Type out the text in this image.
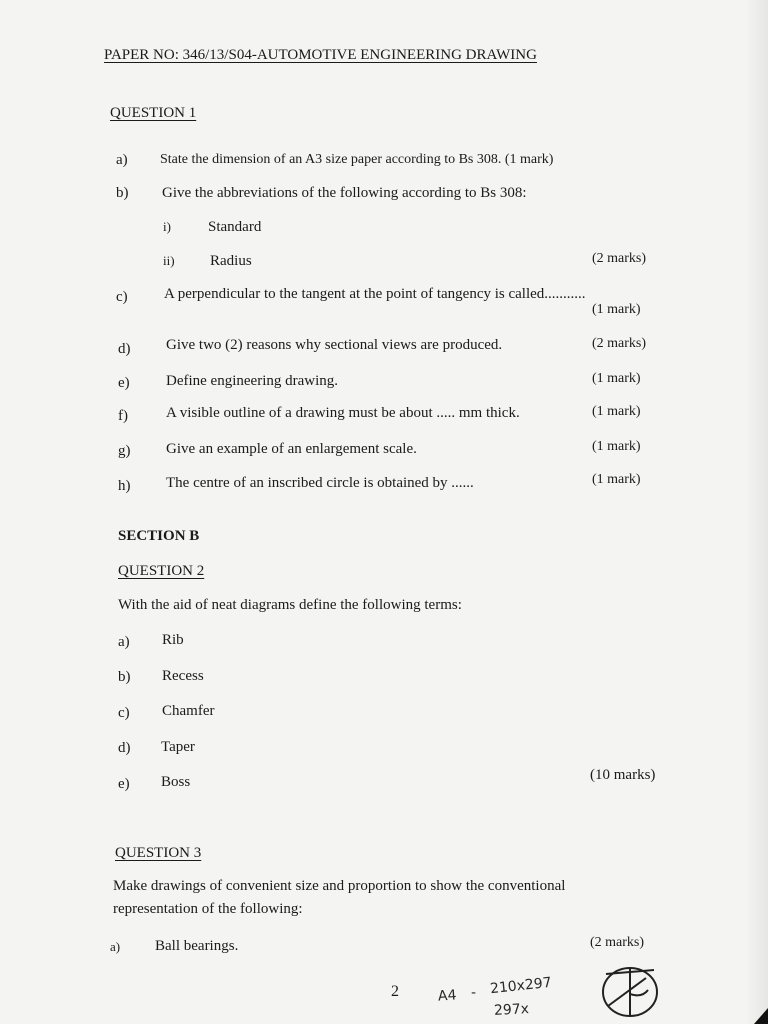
PAPER NO: 346/13/S04-AUTOMOTIVE ENGINEERING DRAWING
QUESTION 1
a) State the dimension of an A3 size paper according to Bs 308. (1 mark)
b) Give the abbreviations of the following according to Bs 308:
i) Standard
ii) Radius	(2 marks)
c) A perpendicular to the tangent at the point of tangency is called...........
(1 mark)
d) Give two (2) reasons why sectional views are produced.	(2 marks)
e) Define engineering drawing.	(1 mark)
f)	A visible outline of a drawing must be about ..... mm thick.	(1 mark)
g) Give an example of an enlargement scale.	(1 mark)
h) The centre of an inscribed circle is obtained by ......	(1 mark)
SECTION B
QUESTION 2
With the aid of neat diagrams define the following terms:
a) Rib
b) Recess
c) Chamfer
d) Taper
e) Boss	(10 marks)
QUESTION 3
Make drawings of convenient size and proportion to show the conventional
representation of the following:
a) Ball bearings.	(2 marks)
2	A4 - 210x297
297x
